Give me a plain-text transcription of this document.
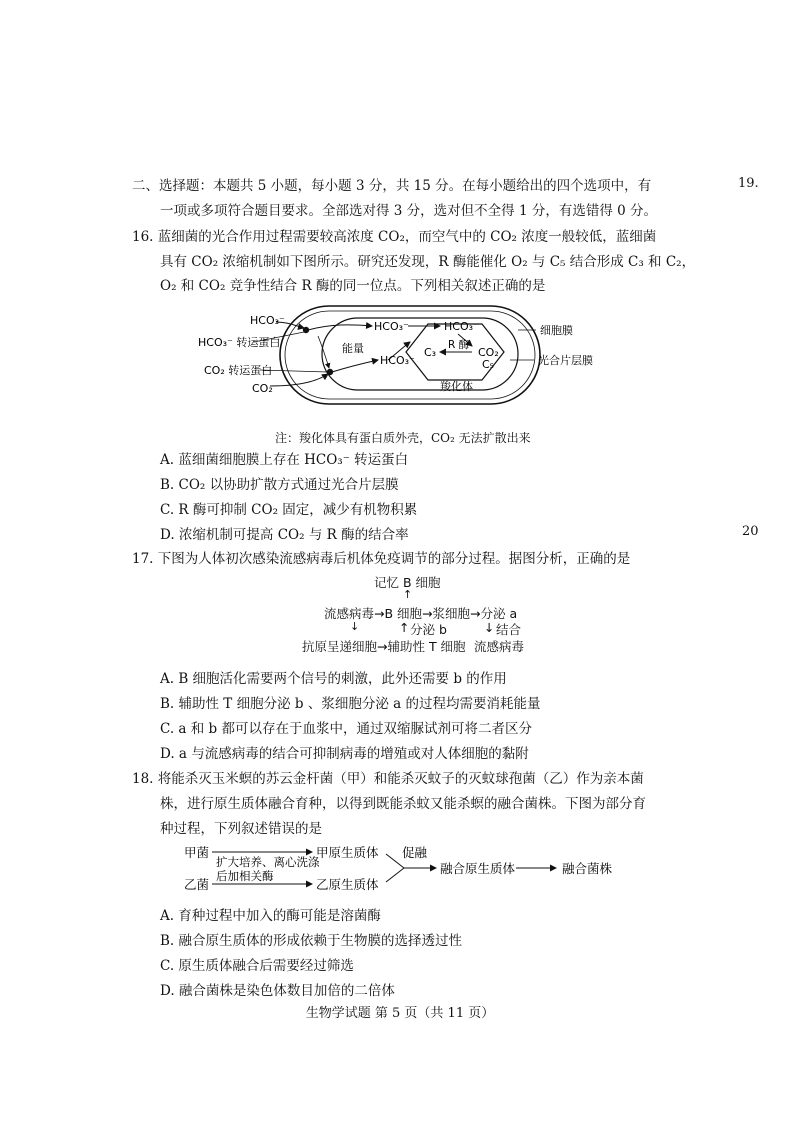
19.
20
二、选择题：本题共 5 小题，每小题 3 分，共 15 分。在每小题给出的四个选项中，有
一项或多项符合题目要求。全部选对得 3 分，选对但不全得 1 分，有选错得 0 分。
16. 蓝细菌的光合作用过程需要较高浓度 CO₂，而空气中的 CO₂ 浓度一般较低，蓝细菌
具有 CO₂ 浓缩机制如下图所示。研究还发现，R 酶能催化 O₂ 与 C₅ 结合形成 C₃ 和 C₂，
O₂ 和 CO₂ 竞争性结合 R 酶的同一位点。下列相关叙述正确的是
HCO₃⁻
HCO₃⁻ 转运蛋白
CO₂ 转运蛋白
CO₂
能量
HCO₃⁻
HCO₃⁻
HCO₃⁻
R 酶
C₃	CO₂
C₅
羧化体
细胞膜
光合片层膜
注：羧化体具有蛋白质外壳，CO₂ 无法扩散出来
A. 蓝细菌细胞膜上存在 HCO₃⁻ 转运蛋白
B. CO₂ 以协助扩散方式通过光合片层膜
C. R 酶可抑制 CO₂ 固定，减少有机物积累
D. 浓缩机制可提高 CO₂ 与 R 酶的结合率
17. 下图为人体初次感染流感病毒后机体免疫调节的部分过程。据图分析，正确的是
记忆 B 细胞
↑
流感病毒→B 细胞→浆细胞→分泌 a
↓	↑ 分泌 b	↓ 结合
抗原呈递细胞→辅助性 T 细胞 流感病毒
A. B 细胞活化需要两个信号的刺激，此外还需要 b 的作用
B. 辅助性 T 细胞分泌 b 、浆细胞分泌 a 的过程均需要消耗能量
C. a 和 b 都可以存在于血浆中，通过双缩脲试剂可将二者区分
D. a 与流感病毒的结合可抑制病毒的增殖或对人体细胞的黏附
18. 将能杀灭玉米螟的苏云金杆菌（甲）和能杀灭蚊子的灭蚊球孢菌（乙）作为亲本菌
株，进行原生质体融合育种，以得到既能杀蚊又能杀螟的融合菌株。下图为部分育
种过程，下列叙述错误的是
甲菌
乙菌
扩大培养、离心洗涤
后加相关酶
甲原生质体
乙原生质体
促融
融合原生质体	融合菌株
A. 育种过程中加入的酶可能是溶菌酶
B. 融合原生质体的形成依赖于生物膜的选择透过性
C. 原生质体融合后需要经过筛选
D. 融合菌株是染色体数目加倍的二倍体
生物学试题 第 5 页（共 11 页）
